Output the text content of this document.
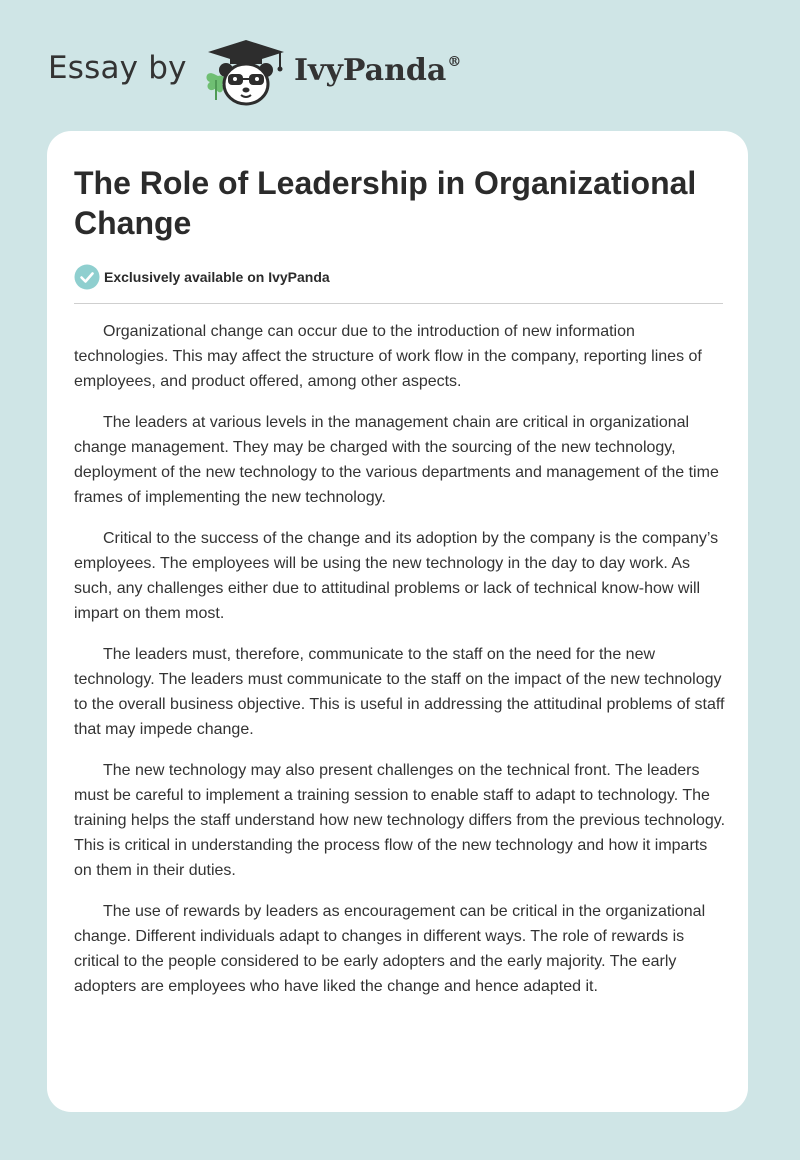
Essay by	IvyPanda®
The Role of Leadership in Organizational Change
Exclusively available on IvyPanda

Organizational change can occur due to the introduction of new information technologies. This may affect the structure of work flow in the company, reporting lines of employees, and product offered, among other aspects.

The leaders at various levels in the management chain are critical in organizational change management. They may be charged with the sourcing of the new technology, deployment of the new technology to the various departments and management of the time frames of implementing the new technology.

Critical to the success of the change and its adoption by the company is the company’s employees. The employees will be using the new technology in the day to day work. As such, any challenges either due to attitudinal problems or lack of technical know-how will impart on them most.

The leaders must, therefore, communicate to the staff on the need for the new technology. The leaders must communicate to the staff on the impact of the new technology to the overall business objective. This is useful in addressing the attitudinal problems of staff that may impede change.

The new technology may also present challenges on the technical front. The leaders must be careful to implement a training session to enable staff to adapt to technology. The training helps the staff understand how new technology differs from the previous technology. This is critical in understanding the process flow of the new technology and how it imparts on them in their duties.

The use of rewards by leaders as encouragement can be critical in the organizational change. Different individuals adapt to changes in different ways. The role of rewards is critical to the people considered to be early adopters and the early majority. The early adopters are employees who have liked the change and hence adapted it.
